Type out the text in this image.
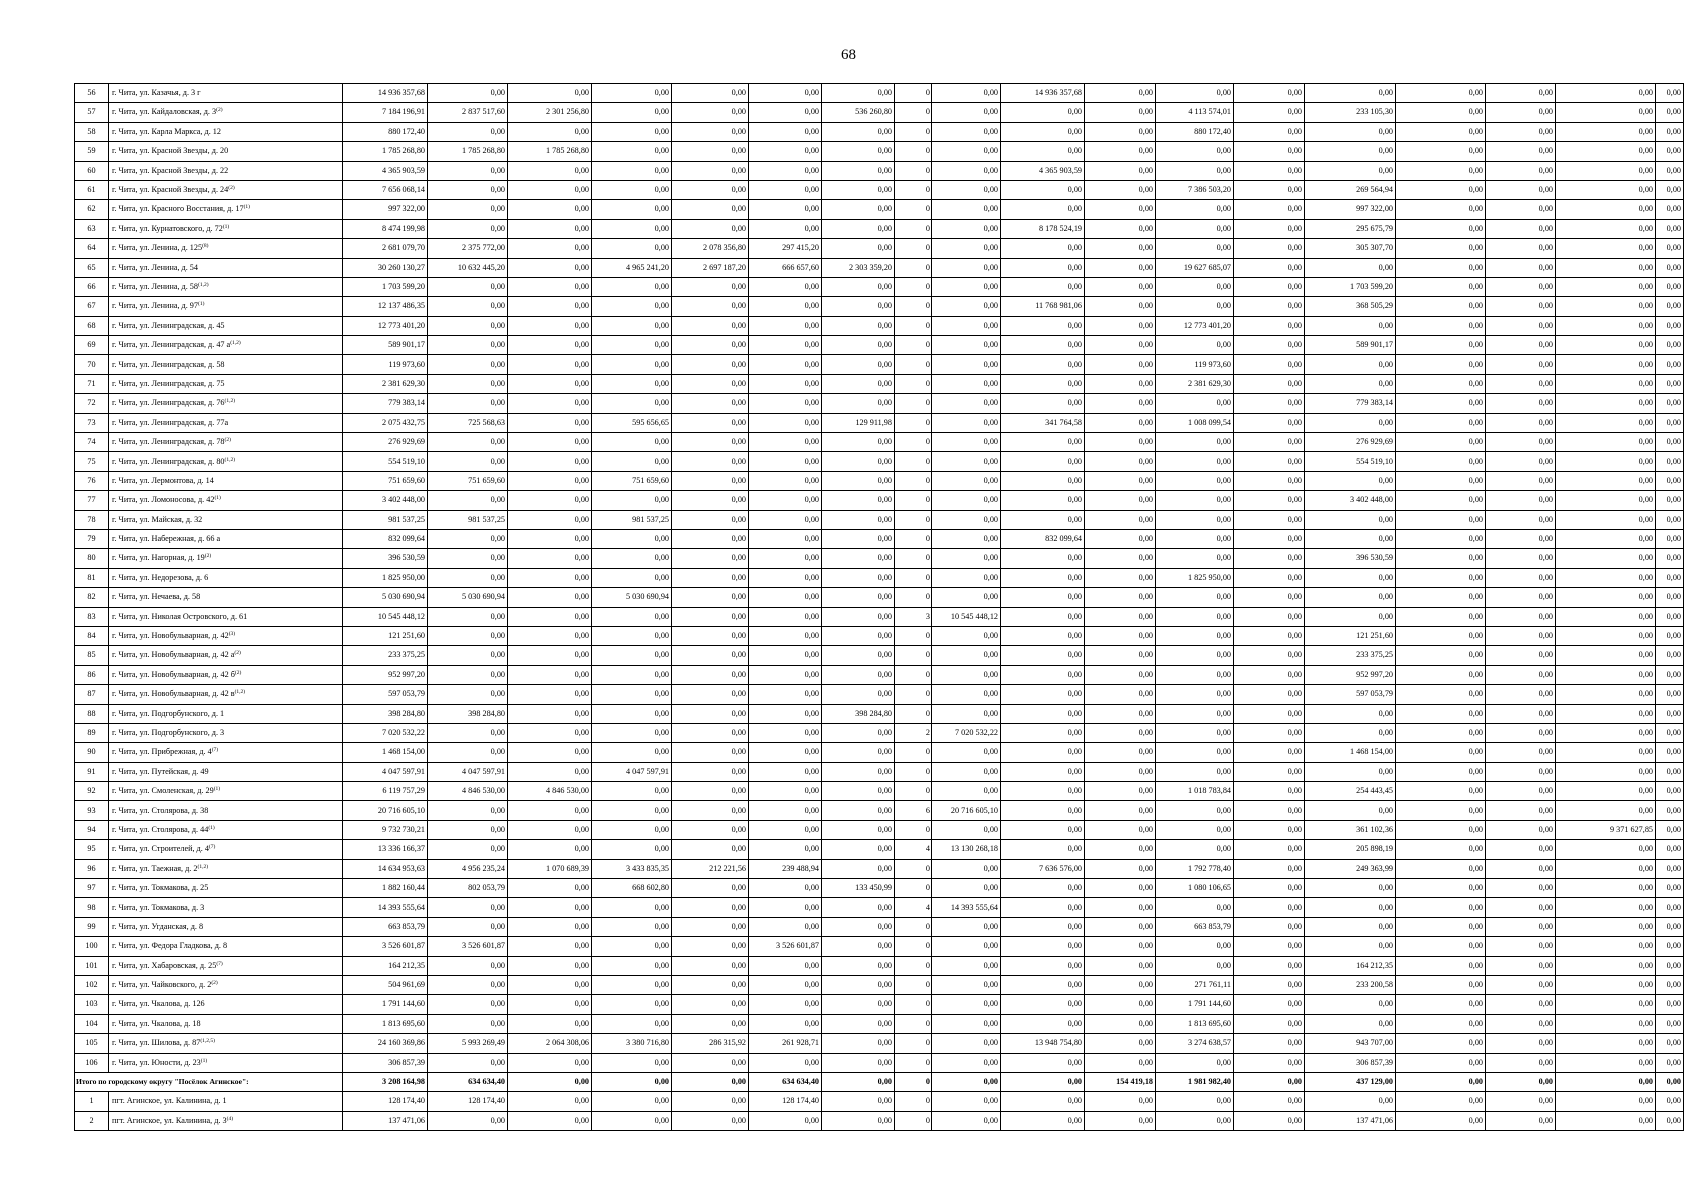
68
56	г. Чита, ул. Казачья, д. 3 г	14 936 357,68	0,00	0,00	0,00	0,00	0,00	0,00	0	0,00	14 936 357,68	0,00	0,00	0,00	0,00	0,00	0,00	0,00	0,00
57	г. Чита, ул. Кайдаловская, д. 3$^{(2)}$	7 184 196,91	2 837 517,60	2 301 256,80	0,00	0,00	0,00	536 260,80	0	0,00	0,00	0,00	4 113 574,01	0,00	233 105,30	0,00	0,00	0,00	0,00
58	г. Чита, ул. Карла Маркса, д. 12	880 172,40	0,00	0,00	0,00	0,00	0,00	0,00	0	0,00	0,00	0,00	880 172,40	0,00	0,00	0,00	0,00	0,00	0,00
59	г. Чита, ул. Красной Звезды, д. 20	1 785 268,80	1 785 268,80	1 785 268,80	0,00	0,00	0,00	0,00	0	0,00	0,00	0,00	0,00	0,00	0,00	0,00	0,00	0,00	0,00
60	г. Чита, ул. Красной Звезды, д. 22	4 365 903,59	0,00	0,00	0,00	0,00	0,00	0,00	0	0,00	4 365 903,59	0,00	0,00	0,00	0,00	0,00	0,00	0,00	0,00
61	г. Чита, ул. Красной Звезды, д. 24$^{(2)}$	7 656 068,14	0,00	0,00	0,00	0,00	0,00	0,00	0	0,00	0,00	0,00	7 386 503,20	0,00	269 564,94	0,00	0,00	0,00	0,00
62	г. Чита, ул. Красного Восстания, д. 17$^{(1)}$	997 322,00	0,00	0,00	0,00	0,00	0,00	0,00	0	0,00	0,00	0,00	0,00	0,00	997 322,00	0,00	0,00	0,00	0,00
63	г. Чита, ул. Курнатовского, д. 72$^{(1)}$	8 474 199,98	0,00	0,00	0,00	0,00	0,00	0,00	0	0,00	8 178 524,19	0,00	0,00	0,00	295 675,79	0,00	0,00	0,00	0,00
64	г. Чита, ул. Ленина, д. 125$^{(8)}$	2 681 079,70	2 375 772,00	0,00	0,00	2 078 356,80	297 415,20	0,00	0	0,00	0,00	0,00	0,00	0,00	305 307,70	0,00	0,00	0,00	0,00
65	г. Чита, ул. Ленина, д. 54	30 260 130,27	10 632 445,20	0,00	4 965 241,20	2 697 187,20	666 657,60	2 303 359,20	0	0,00	0,00	0,00	19 627 685,07	0,00	0,00	0,00	0,00	0,00	0,00
66	г. Чита, ул. Ленина, д. 58$^{(1,2)}$	1 703 599,20	0,00	0,00	0,00	0,00	0,00	0,00	0	0,00	0,00	0,00	0,00	0,00	1 703 599,20	0,00	0,00	0,00	0,00
67	г. Чита, ул. Ленина, д. 97$^{(1)}$	12 137 486,35	0,00	0,00	0,00	0,00	0,00	0,00	0	0,00	11 768 981,06	0,00	0,00	0,00	368 505,29	0,00	0,00	0,00	0,00
68	г. Чита, ул. Ленинградская, д. 45	12 773 401,20	0,00	0,00	0,00	0,00	0,00	0,00	0	0,00	0,00	0,00	12 773 401,20	0,00	0,00	0,00	0,00	0,00	0,00
69	г. Чита, ул. Ленинградская, д. 47 $а^{(1,2)}$	589 901,17	0,00	0,00	0,00	0,00	0,00	0,00	0	0,00	0,00	0,00	0,00	0,00	589 901,17	0,00	0,00	0,00	0,00
70	г. Чита, ул. Ленинградская, д. 58	119 973,60	0,00	0,00	0,00	0,00	0,00	0,00	0	0,00	0,00	0,00	119 973,60	0,00	0,00	0,00	0,00	0,00	0,00
71	г. Чита, ул. Ленинградская, д. 75	2 381 629,30	0,00	0,00	0,00	0,00	0,00	0,00	0	0,00	0,00	0,00	2 381 629,30	0,00	0,00	0,00	0,00	0,00	0,00
72	г. Чита, ул. Ленинградская, д. 76$^{(1,2)}$	779 383,14	0,00	0,00	0,00	0,00	0,00	0,00	0	0,00	0,00	0,00	0,00	0,00	779 383,14	0,00	0,00	0,00	0,00
73	г. Чита, ул. Ленинградская, д. 77а	2 075 432,75	725 568,63	0,00	595 656,65	0,00	0,00	129 911,98	0	0,00	341 764,58	0,00	1 008 099,54	0,00	0,00	0,00	0,00	0,00	0,00
74	г. Чита, ул. Ленинградская, д. 78$^{(2)}$	276 929,69	0,00	0,00	0,00	0,00	0,00	0,00	0	0,00	0,00	0,00	0,00	0,00	276 929,69	0,00	0,00	0,00	0,00
75	г. Чита, ул. Ленинградская, д. 80$^{(1,2)}$	554 519,10	0,00	0,00	0,00	0,00	0,00	0,00	0	0,00	0,00	0,00	0,00	0,00	554 519,10	0,00	0,00	0,00	0,00
76	г. Чита, ул. Лермонтова, д. 14	751 659,60	751 659,60	0,00	751 659,60	0,00	0,00	0,00	0	0,00	0,00	0,00	0,00	0,00	0,00	0,00	0,00	0,00	0,00
77	г. Чита, ул. Ломоносова, д. 42$^{(1)}$	3 402 448,00	0,00	0,00	0,00	0,00	0,00	0,00	0	0,00	0,00	0,00	0,00	0,00	3 402 448,00	0,00	0,00	0,00	0,00
78	г. Чита, ул. Майская, д. 32	981 537,25	981 537,25	0,00	981 537,25	0,00	0,00	0,00	0	0,00	0,00	0,00	0,00	0,00	0,00	0,00	0,00	0,00	0,00
79	г. Чита, ул. Набережная, д. 66 а	832 099,64	0,00	0,00	0,00	0,00	0,00	0,00	0	0,00	832 099,64	0,00	0,00	0,00	0,00	0,00	0,00	0,00	0,00
80	г. Чита, ул. Нагорная, д. 19$^{(2)}$	396 530,59	0,00	0,00	0,00	0,00	0,00	0,00	0	0,00	0,00	0,00	0,00	0,00	396 530,59	0,00	0,00	0,00	0,00
81	г. Чита, ул. Недорезова, д. 6	1 825 950,00	0,00	0,00	0,00	0,00	0,00	0,00	0	0,00	0,00	0,00	1 825 950,00	0,00	0,00	0,00	0,00	0,00	0,00
82	г. Чита, ул. Нечаева, д. 58	5 030 690,94	5 030 690,94	0,00	5 030 690,94	0,00	0,00	0,00	0	0,00	0,00	0,00	0,00	0,00	0,00	0,00	0,00	0,00	0,00
83	г. Чита, ул. Николая Островского, д. 61	10 545 448,12	0,00	0,00	0,00	0,00	0,00	0,00	3	10 545 448,12	0,00	0,00	0,00	0,00	0,00	0,00	0,00	0,00	0,00
84	г. Чита, ул. Новобульварная, д. 42$^{(3)}$	121 251,60	0,00	0,00	0,00	0,00	0,00	0,00	0	0,00	0,00	0,00	0,00	0,00	121 251,60	0,00	0,00	0,00	0,00
85	г. Чита, ул. Новобульварная, д. 42 $а^{(2)}$	233 375,25	0,00	0,00	0,00	0,00	0,00	0,00	0	0,00	0,00	0,00	0,00	0,00	233 375,25	0,00	0,00	0,00	0,00
86	г. Чита, ул. Новобульварная, д. 42 $б^{(2)}$	952 997,20	0,00	0,00	0,00	0,00	0,00	0,00	0	0,00	0,00	0,00	0,00	0,00	952 997,20	0,00	0,00	0,00	0,00
87	г. Чита, ул. Новобульварная, д. 42 $в^{(1,2)}$	597 053,79	0,00	0,00	0,00	0,00	0,00	0,00	0	0,00	0,00	0,00	0,00	0,00	597 053,79	0,00	0,00	0,00	0,00
88	г. Чита, ул. Подгорбунского, д. 1	398 284,80	398 284,80	0,00	0,00	0,00	0,00	398 284,80	0	0,00	0,00	0,00	0,00	0,00	0,00	0,00	0,00	0,00	0,00
89	г. Чита, ул. Подгорбунского, д. 3	7 020 532,22	0,00	0,00	0,00	0,00	0,00	0,00	2	7 020 532,22	0,00	0,00	0,00	0,00	0,00	0,00	0,00	0,00	0,00
90	г. Чита, ул. Прибрежная, д. 4$^{(7)}$	1 468 154,00	0,00	0,00	0,00	0,00	0,00	0,00	0	0,00	0,00	0,00	0,00	0,00	1 468 154,00	0,00	0,00	0,00	0,00
91	г. Чита, ул. Путейская, д. 49	4 047 597,91	4 047 597,91	0,00	4 047 597,91	0,00	0,00	0,00	0	0,00	0,00	0,00	0,00	0,00	0,00	0,00	0,00	0,00	0,00
92	г. Чита, ул. Смоленская, д. 29$^{(1)}$	6 119 757,29	4 846 530,00	4 846 530,00	0,00	0,00	0,00	0,00	0	0,00	0,00	0,00	1 018 783,84	0,00	254 443,45	0,00	0,00	0,00	0,00
93	г. Чита, ул. Столярова, д. 38	20 716 605,10	0,00	0,00	0,00	0,00	0,00	0,00	6	20 716 605,10	0,00	0,00	0,00	0,00	0,00	0,00	0,00	0,00	0,00
94	г. Чита, ул. Столярова, д. 44$^{(1)}$	9 732 730,21	0,00	0,00	0,00	0,00	0,00	0,00	0	0,00	0,00	0,00	0,00	0,00	361 102,36	0,00	0,00	9 371 627,85	0,00
95	г. Чита, ул. Строителей, д. 4$^{(7)}$	13 336 166,37	0,00	0,00	0,00	0,00	0,00	0,00	4	13 130 268,18	0,00	0,00	0,00	0,00	205 898,19	0,00	0,00	0,00	0,00
96	г. Чита, ул. Таежная, д. 2$^{(1,2)}$	14 634 953,63	4 956 235,24	1 070 689,39	3 433 835,35	212 221,56	239 488,94	0,00	0	0,00	7 636 576,00	0,00	1 792 778,40	0,00	249 363,99	0,00	0,00	0,00	0,00
97	г. Чита, ул. Токмакова, д. 25	1 882 160,44	802 053,79	0,00	668 602,80	0,00	0,00	133 450,99	0	0,00	0,00	0,00	1 080 106,65	0,00	0,00	0,00	0,00	0,00	0,00
98	г. Чита, ул. Токмакова, д. 3	14 393 555,64	0,00	0,00	0,00	0,00	0,00	0,00	4	14 393 555,64	0,00	0,00	0,00	0,00	0,00	0,00	0,00	0,00	0,00
99	г. Чита, ул. Угданская, д. 8	663 853,79	0,00	0,00	0,00	0,00	0,00	0,00	0	0,00	0,00	0,00	663 853,79	0,00	0,00	0,00	0,00	0,00	0,00
100	г. Чита, ул. Федора Гладкова, д. 8	3 526 601,87	3 526 601,87	0,00	0,00	0,00	3 526 601,87	0,00	0	0,00	0,00	0,00	0,00	0,00	0,00	0,00	0,00	0,00	0,00
101	г. Чита, ул. Хабаровская, д. 25$^{(7)}$	164 212,35	0,00	0,00	0,00	0,00	0,00	0,00	0	0,00	0,00	0,00	0,00	0,00	164 212,35	0,00	0,00	0,00	0,00
102	г. Чита, ул. Чайковского, д. 2$^{(2)}$	504 961,69	0,00	0,00	0,00	0,00	0,00	0,00	0	0,00	0,00	0,00	271 761,11	0,00	233 200,58	0,00	0,00	0,00	0,00
103	г. Чита, ул. Чкалова, д. 126	1 791 144,60	0,00	0,00	0,00	0,00	0,00	0,00	0	0,00	0,00	0,00	1 791 144,60	0,00	0,00	0,00	0,00	0,00	0,00
104	г. Чита, ул. Чкалова, д. 18	1 813 695,60	0,00	0,00	0,00	0,00	0,00	0,00	0	0,00	0,00	0,00	1 813 695,60	0,00	0,00	0,00	0,00	0,00	0,00
105	г. Чита, ул. Шилова, д. 87$^{(1,2,5)}$	24 160 369,86	5 993 269,49	2 064 308,06	3 380 716,80	286 315,92	261 928,71	0,00	0	0,00	13 948 754,80	0,00	3 274 638,57	0,00	943 707,00	0,00	0,00	0,00	0,00
106	г. Чита, ул. Юности, д. 23$^{(1)}$	306 857,39	0,00	0,00	0,00	0,00	0,00	0,00	0	0,00	0,00	0,00	0,00	0,00	306 857,39	0,00	0,00	0,00	0,00
Итого по городскому округу "Посёлок Агинское":		3 208 164,98	634 634,40	0,00	0,00	0,00	634 634,40	0,00	0	0,00	0,00	154 419,18	1 981 982,40	0,00	437 129,00	0,00	0,00	0,00	0,00
1	пгт. Агинское, ул. Калинина, д. 1	128 174,40	128 174,40	0,00	0,00	0,00	128 174,40	0,00	0	0,00	0,00	0,00	0,00	0,00	0,00	0,00	0,00	0,00	0,00
2	пгт. Агинское, ул. Калинина, д. 3$^{(4)}$	137 471,06	0,00	0,00	0,00	0,00	0,00	0,00	0	0,00	0,00	0,00	0,00	0,00	137 471,06	0,00	0,00	0,00	0,00
